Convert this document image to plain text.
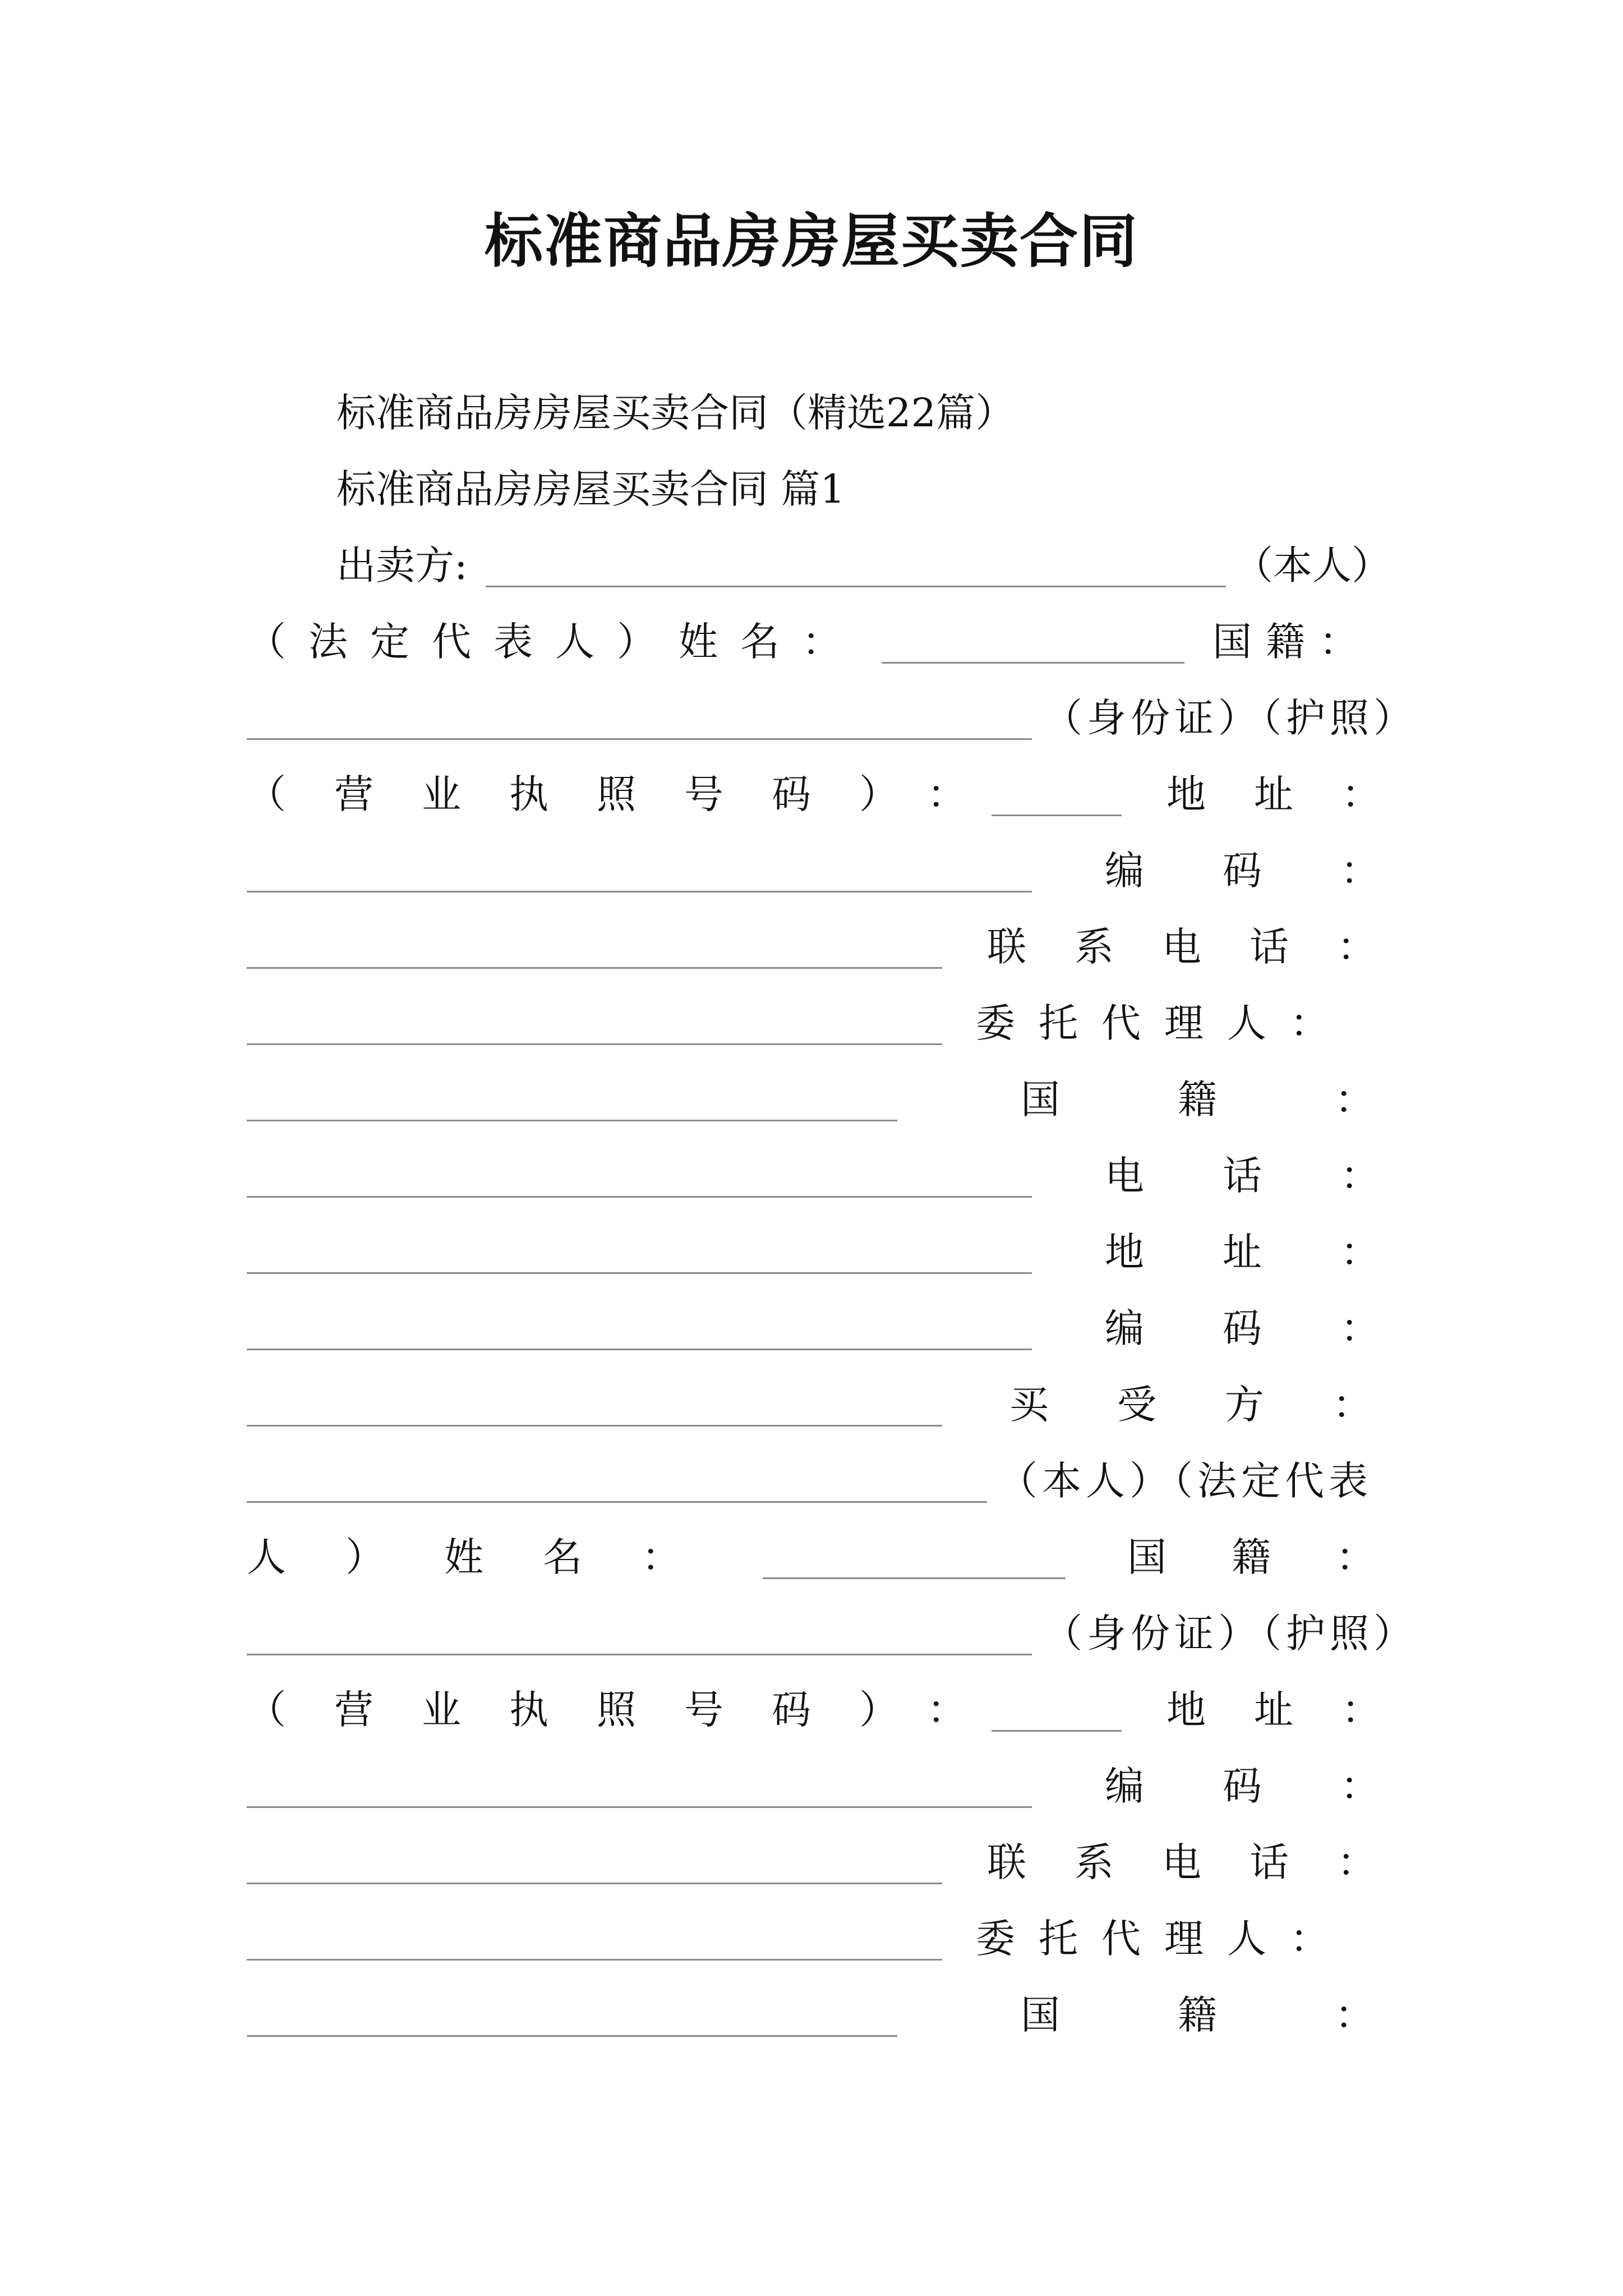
标准商品房房屋买卖合同
标准商品房房屋买卖合同（精选22篇）
标准商品房房屋买卖合同 篇1
出卖方:	（本人）
（ 法 定 代 表 人 ） 姓 名 ：	国 籍 ：
（身份证）（护照）
（营业执照号码）：	地址：
编码：
联系电话：
委托代理人：
国籍：
电话：
地址：
编码：
买受方：
（本人）（法定代表
人）姓名：	国籍：
（身份证）（护照）
（营业执照号码）：	地址：
编码：
联系电话：
委托代理人：
国籍：
